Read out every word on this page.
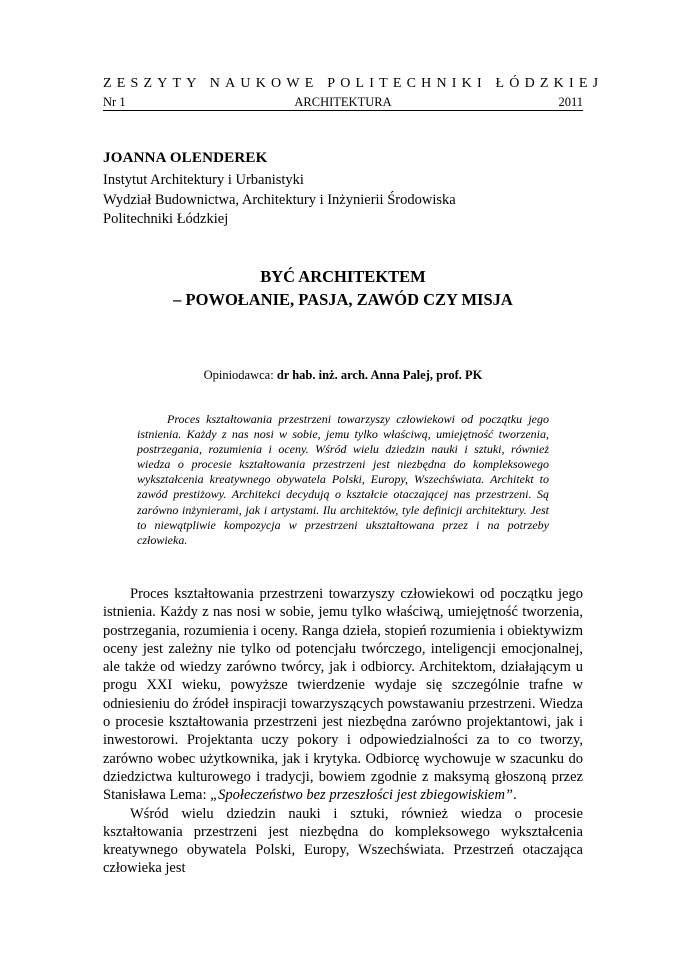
ZESZYTY NAUKOWE POLITECHNIKI ŁÓDZKIEJ
Nr 1	ARCHITEKTURA	2011
JOANNA OLENDEREK
Instytut Architektury i Urbanistyki
Wydział Budownictwa, Architektury i Inżynierii Środowiska
Politechniki Łódzkiej
BYĆ ARCHITEKTEM
– POWOŁANIE, PASJA, ZAWÓD CZY MISJA
Opiniodawca: dr hab. inż. arch. Anna Palej, prof. PK
Proces kształtowania przestrzeni towarzyszy człowiekowi od początku jego istnienia. Każdy z nas nosi w sobie, jemu tylko właściwą, umiejętność tworzenia, postrzegania, rozumienia i oceny. Wśród wielu dziedzin nauki i sztuki, również wiedza o procesie kształtowania przestrzeni jest niezbędna do kompleksowego wykształcenia kreatywnego obywatela Polski, Europy, Wszechświata. Architekt to zawód prestiżowy. Architekci decydują o kształcie otaczającej nas przestrzeni. Są zarówno inżynierami, jak i artystami. Ilu architektów, tyle definicji architektury. Jest to niewątpliwie kompozycja w przestrzeni ukształtowana przez i na potrzeby człowieka.

Proces kształtowania przestrzeni towarzyszy człowiekowi od początku jego istnienia. Każdy z nas nosi w sobie, jemu tylko właściwą, umiejętność tworzenia, postrzegania, rozumienia i oceny. Ranga dzieła, stopień rozumienia i obiektywizm oceny jest zależny nie tylko od potencjału twórczego, inteligencji emocjonalnej, ale także od wiedzy zarówno twórcy, jak i odbiorcy. Architektom, działającym u progu XXI wieku, powyższe twierdzenie wydaje się szczególnie trafne w odniesieniu do źródeł inspiracji towarzyszących powstawaniu przestrzeni. Wiedza o procesie kształtowania przestrzeni jest niezbędna zarówno projektantowi, jak i inwestorowi. Projektanta uczy pokory i odpowiedzialności za to co tworzy, zarówno wobec użytkownika, jak i krytyka. Odbiorcę wychowuje w szacunku do dziedzictwa kulturowego i tradycji, bowiem zgodnie z maksymą głoszoną przez Stanisława Lema: „Społeczeństwo bez przeszłości jest zbiegowiskiem”.

Wśród wielu dziedzin nauki i sztuki, również wiedza o procesie kształtowania przestrzeni jest niezbędna do kompleksowego wykształcenia kreatywnego obywatela Polski, Europy, Wszechświata. Przestrzeń otaczająca człowieka jest
